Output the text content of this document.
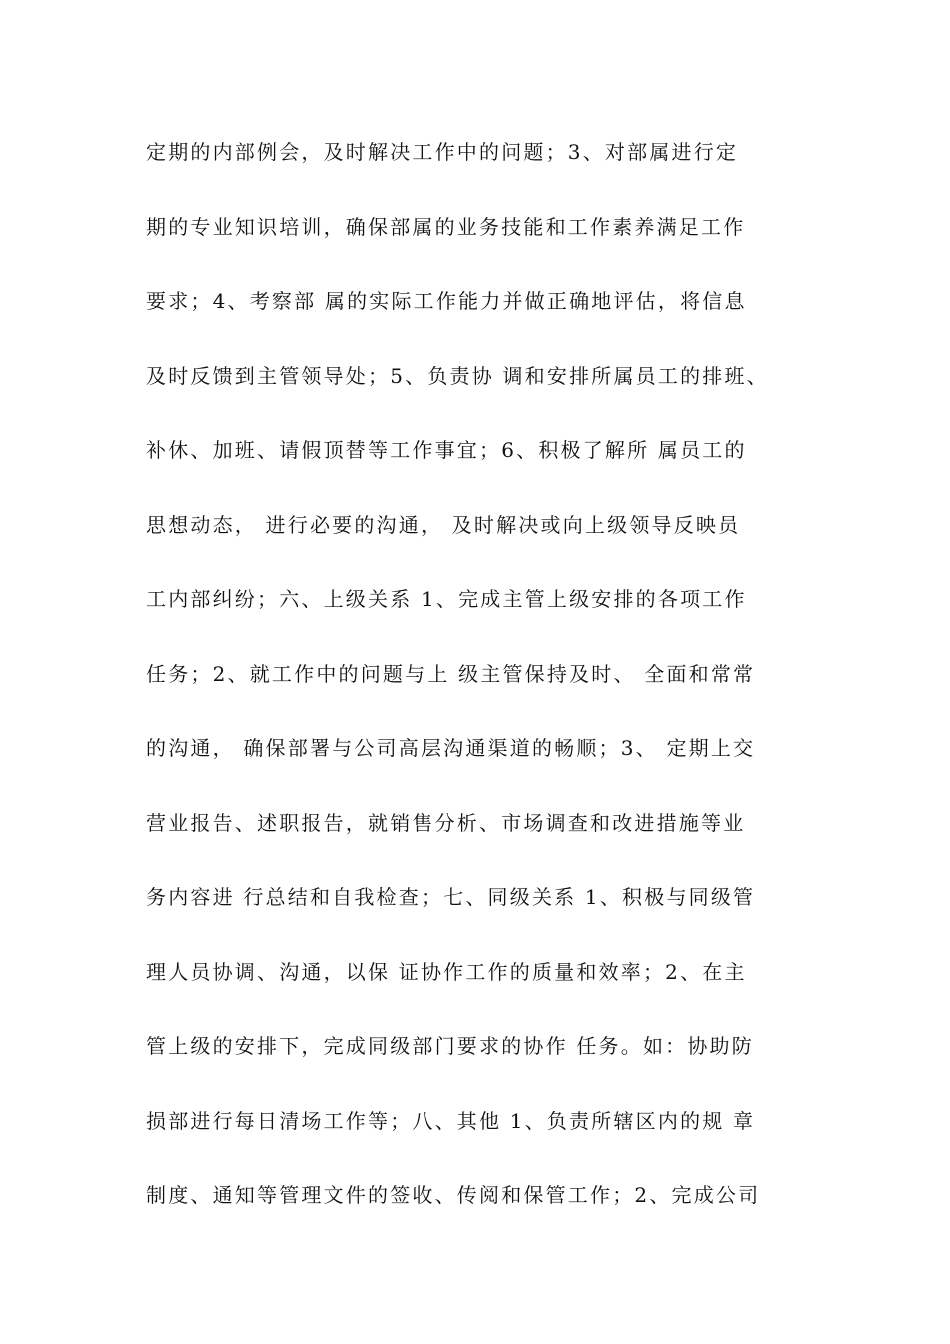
定期的内部例会，及时解决工作中的问题；3、对部属进行定
期的专业知识培训，确保部属的业务技能和工作素养满足工作
要求；4、考察部 属的实际工作能力并做正确地评估，将信息
及时反馈到主管领导处；5、负责协 调和安排所属员工的排班、
补休、加班、请假顶替等工作事宜；6、积极了解所 属员工的
思想动态， 进行必要的沟通， 及时解决或向上级领导反映员
工内部纠纷；六、上级关系 1、完成主管上级安排的各项工作
任务；2、就工作中的问题与上 级主管保持及时、 全面和常常
的沟通， 确保部署与公司高层沟通渠道的畅顺；3、 定期上交
营业报告、述职报告，就销售分析、市场调查和改进措施等业
务内容进 行总结和自我检查；七、同级关系 1、积极与同级管
理人员协调、沟通，以保 证协作工作的质量和效率；2、在主
管上级的安排下，完成同级部门要求的协作 任务。如：协助防
损部进行每日清场工作等；八、其他 1、负责所辖区内的规 章
制度、通知等管理文件的签收、传阅和保管工作；2、完成公司
